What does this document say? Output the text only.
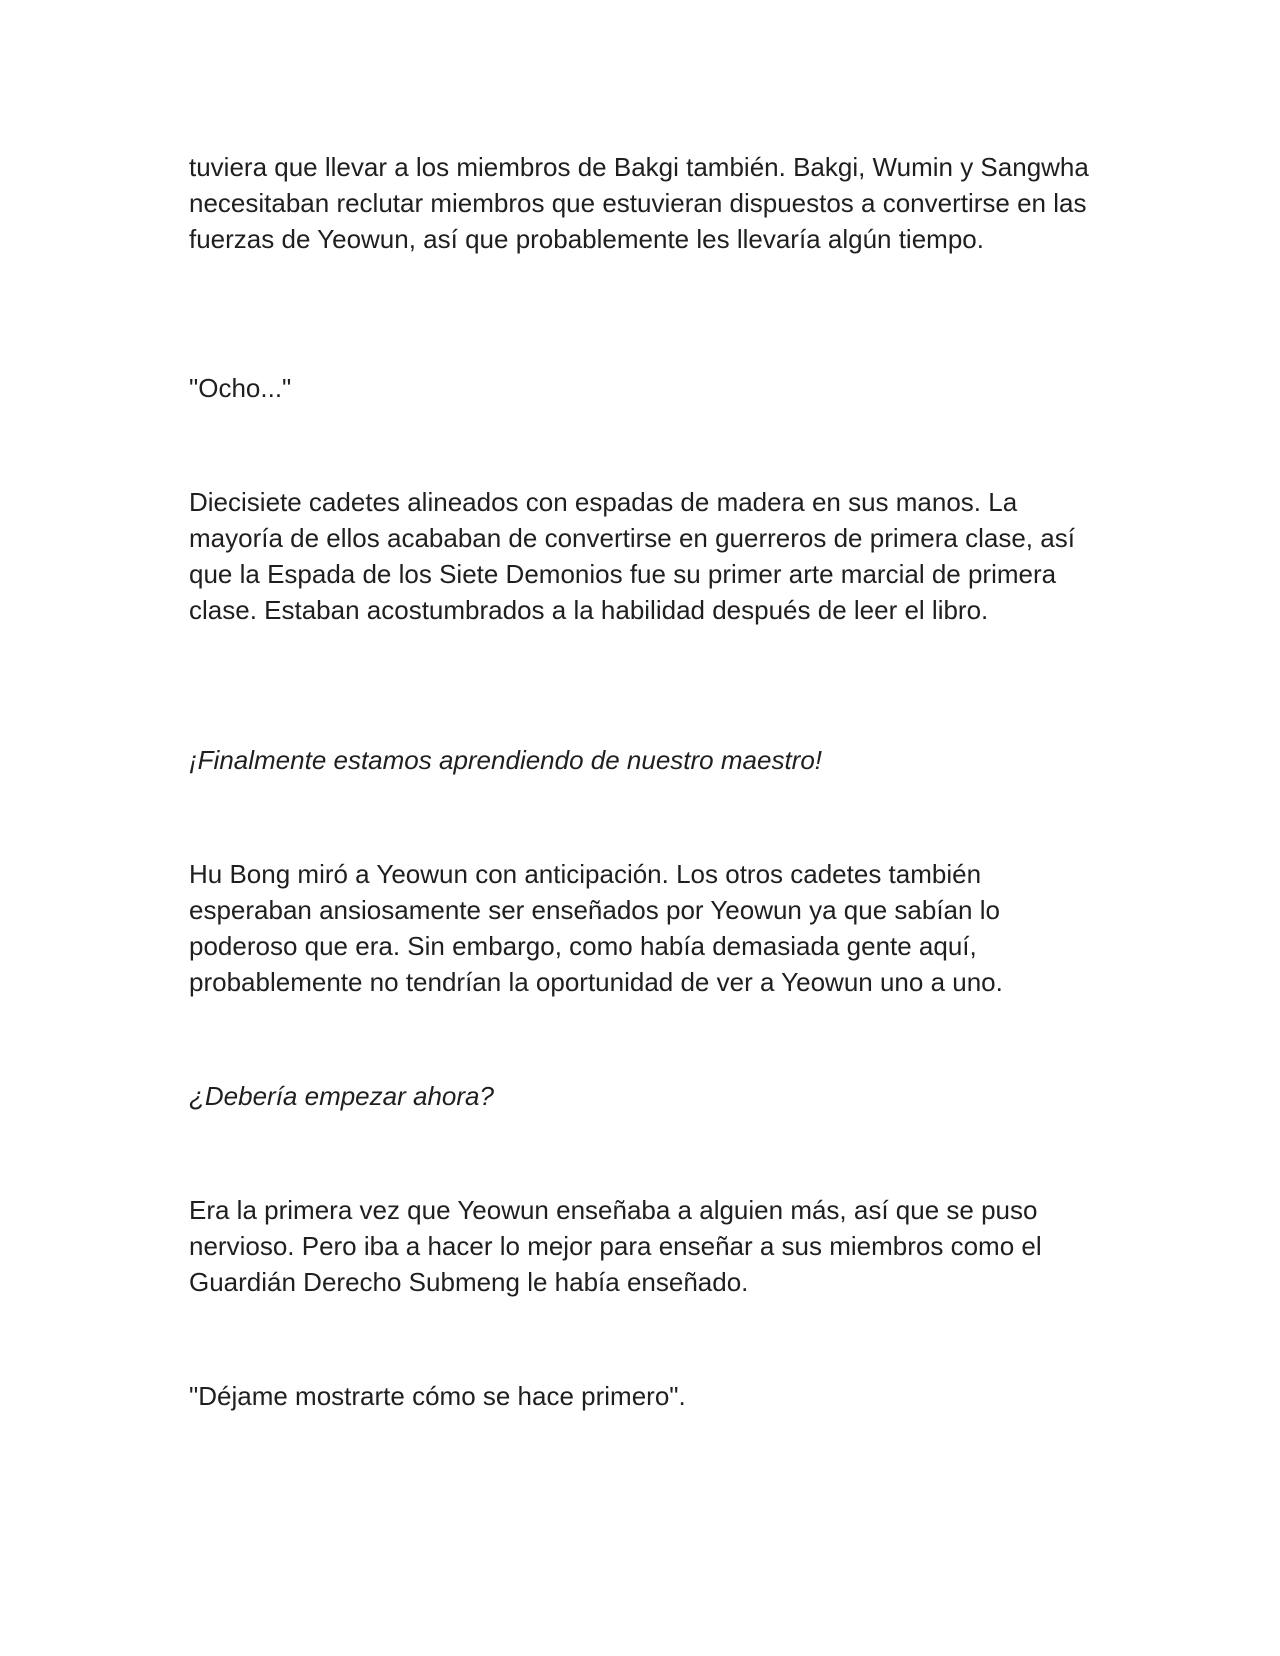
tuviera que llevar a los miembros de Bakgi también. Bakgi, Wumin y Sangwha necesitaban reclutar miembros que estuvieran dispuestos a convertirse en las fuerzas de Yeowun, así que probablemente les llevaría algún tiempo.

"Ocho..."

Diecisiete cadetes alineados con espadas de madera en sus manos. La mayoría de ellos acababan de convertirse en guerreros de primera clase, así que la Espada de los Siete Demonios fue su primer arte marcial de primera clase. Estaban acostumbrados a la habilidad después de leer el libro.

¡Finalmente estamos aprendiendo de nuestro maestro!

Hu Bong miró a Yeowun con anticipación. Los otros cadetes también esperaban ansiosamente ser enseñados por Yeowun ya que sabían lo poderoso que era. Sin embargo, como había demasiada gente aquí, probablemente no tendrían la oportunidad de ver a Yeowun uno a uno.

¿Debería empezar ahora?

Era la primera vez que Yeowun enseñaba a alguien más, así que se puso nervioso. Pero iba a hacer lo mejor para enseñar a sus miembros como el Guardián Derecho Submeng le había enseñado.

"Déjame mostrarte cómo se hace primero".
